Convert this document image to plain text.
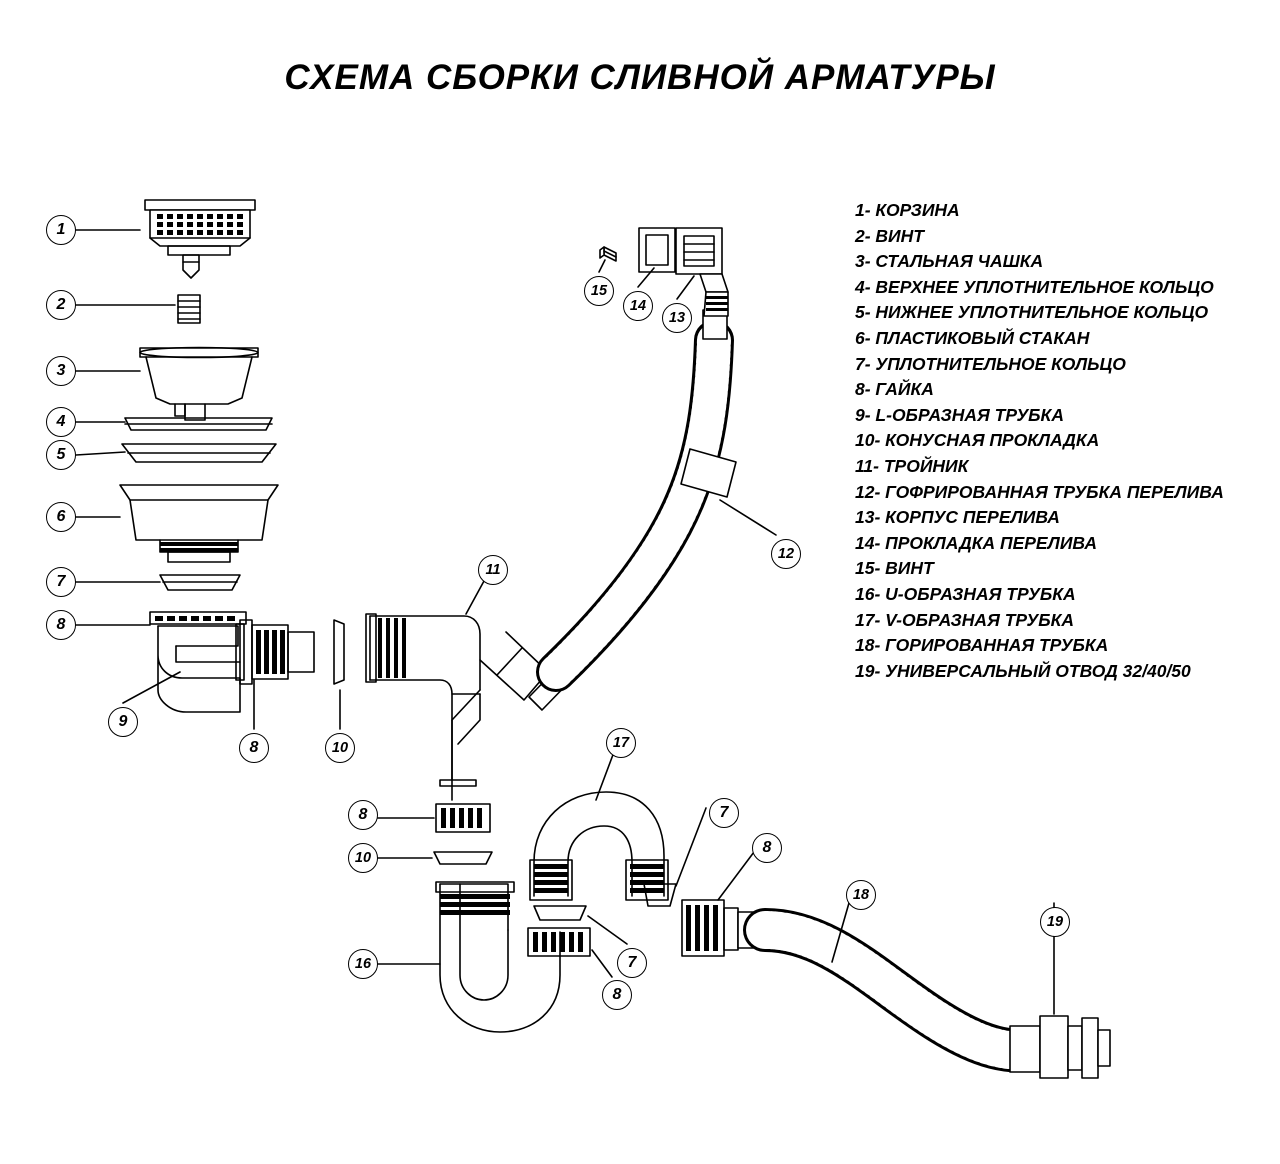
СХЕМА СБОРКИ СЛИВНОЙ АРМАТУРЫ
1
2
3
4
5
6
7
8
9
8	10
11
15
14
13
12
8
10
16
17
7
8
7
8
18
19
1- КОРЗИНА
2- ВИНТ
3- СТАЛЬНАЯ ЧАШКА
4- ВЕРХНЕЕ УПЛОТНИТЕЛЬНОЕ КОЛЬЦО
5- НИЖНЕЕ УПЛОТНИТЕЛЬНОЕ КОЛЬЦО
6- ПЛАСТИКОВЫЙ СТАКАН
7- УПЛОТНИТЕЛЬНОЕ КОЛЬЦО
8- ГАЙКА
9- L-ОБРАЗНАЯ ТРУБКА
10- КОНУСНАЯ ПРОКЛАДКА
11- ТРОЙНИК
12- ГОФРИРОВАННАЯ ТРУБКА ПЕРЕЛИВА
13- КОРПУС ПЕРЕЛИВА
14- ПРОКЛАДКА ПЕРЕЛИВА
15- ВИНТ
16- U-ОБРАЗНАЯ ТРУБКА
17- V-ОБРАЗНАЯ ТРУБКА
18- ГОРИРОВАННАЯ ТРУБКА
19- УНИВЕРСАЛЬНЫЙ ОТВОД 32/40/50
